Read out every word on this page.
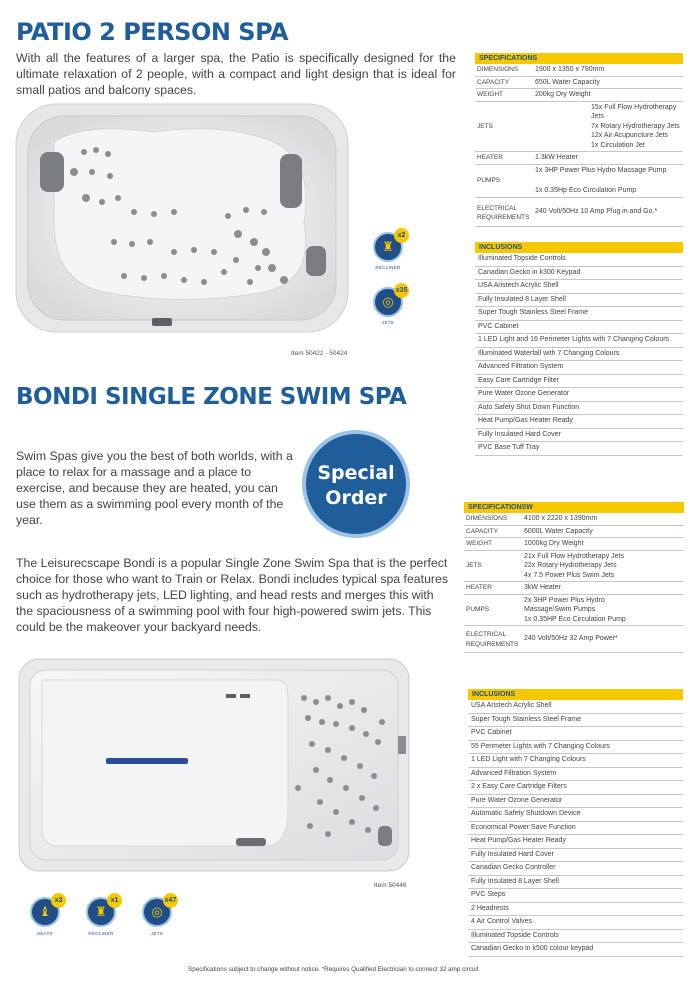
PATIO 2 PERSON SPA
With all the features of a larger spa, the Patio is specifically designed for the ultimate relaxation of 2 people, with a compact and light design that is ideal for small patios and balcony spaces.
♜
x2
RECLINER
◎
x35
JETS
Item 50422 - 50424
SPECIFICATIONS
DIMENSIONS	1900 x 1350 x 780mm
CAPACITY	650L Water Capacity
WEIGHT	200kg Dry Weight
JETS	15x Full Flow Hydrotherapy Jets
7x Rotary Hydrotherapy Jets
12x Air Acupuncture Jets
1x Circulation Jet

HEATER	1.3kW Heater
PUMPS	1x 3HP Power Plus Hydro Massage Pump
1x 0.35Hp Eco Circulation Pump

ELECTRICAL REQUIREMENTS	240 Volt/50Hz 10 Amp Plug in and Go.*
INCLUSIONS
Illuminated Topside Controls
Canadian Gecko in k300 Keypad
USA Aristech Acrylic Shell
Fully Insulated 8 Layer Shell
Super Tough Stainless Steel Frame
PVC Cabinet
1 LED Light and 16 Perimeter Lights with 7 Changing Colours
Illuminated Waterfall with 7 Changing Colours
Advanced Filtration System
Easy Care Cartridge Filter
Pure Water Ozone Generator
Auto Safety Shut Down Function
Heat Pump/Gas Heater Ready
Fully Insulated Hard Cover
PVC Base Tuff Tray
BONDI SINGLE ZONE SWIM SPA
Swim Spas give you the best of both worlds, with a place to relax for a massage and a place to exercise, and because they are heated, you can use them as a swimming pool every month of the year.
Special
Order
The Leisurecscape Bondi is a popular Single Zone Swim Spa that is the perfect choice for those who want to Train or Relax. Bondi includes typical spa features such as hydrotherapy jets, LED lighting, and head rests and merges this with the spaciousness of a swimming pool with four high-powered swim jets. This could be the makeover your backyard needs.
SPECIFICATIONSW
DIMENSIONS	4100 x 2220 x 1390mm
CAPACITY	6000L Water Capacity
WEIGHT	1000kg Dry Weight
JETS	21x Full Flow Hydrotherapy Jets
22x Rotary Hydrotherapy Jets
4x 7.5 Power Plus Swim Jets

HEATER	3kW Heater
PUMPS	2x 3HP Power Plus Hydro
Massage/Swim Pumps
1x 0.35HP Eco Circulation Pump

ELECTRICAL REQUIREMENTS	240 Volt/50Hz 32 Amp Power*
Item 50446
♝
x3
SEATS
♜
x1
RECLINER
◎
x47
JETS
INCLUSIONS
USA Aristech Acrylic Shell
Super Tough Stainless Steel Frame
PVC Cabinet
55 Perimeter Lights with 7 Changing Colours
1 LED Light with 7 Changing Colours
Advanced Filtration System
2 x Easy Care Cartridge Filters
Pure Water Ozone Generator
Automatic Safety Shutdown Device
Economical Power Save Function
Heat Pump/Gas Heater Ready
Fully Insulated Hard Cover
Canadian Gecko Controller
Fully Insulated 8 Layer Shell
PVC Steps
2 Headrests
4 Air Control Valves
Illuminated Topside Controls
Canadian Gecko in k500 colour keypad
Specifications subject to change without notice. *Requires Qualified Electrician to connect 32 amp circuit
